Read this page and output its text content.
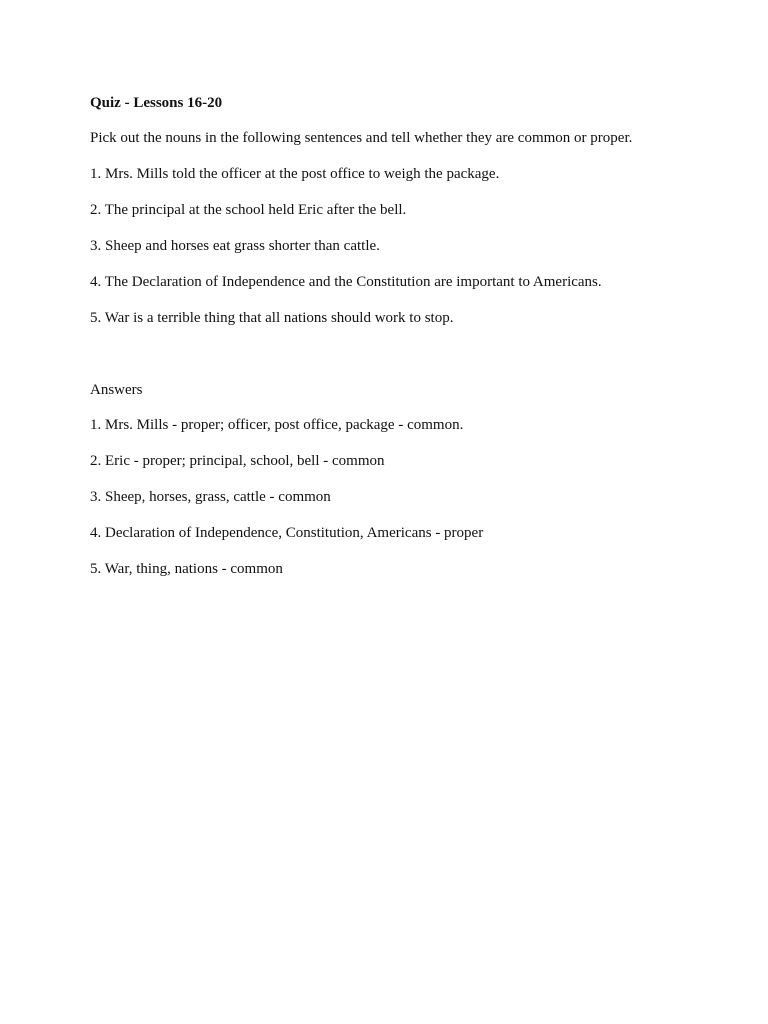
Quiz - Lessons 16-20

Pick out the nouns in the following sentences and tell whether they are common or proper.

1. Mrs. Mills told the officer at the post office to weigh the package.

2. The principal at the school held Eric after the bell.

3. Sheep and horses eat grass shorter than cattle.

4. The Declaration of Independence and the Constitution are important to Americans.

5. War is a terrible thing that all nations should work to stop.

Answers

1. Mrs. Mills - proper; officer, post office, package - common.

2. Eric - proper; principal, school, bell - common

3. Sheep, horses, grass, cattle - common

4. Declaration of Independence, Constitution, Americans - proper

5. War, thing, nations - common
